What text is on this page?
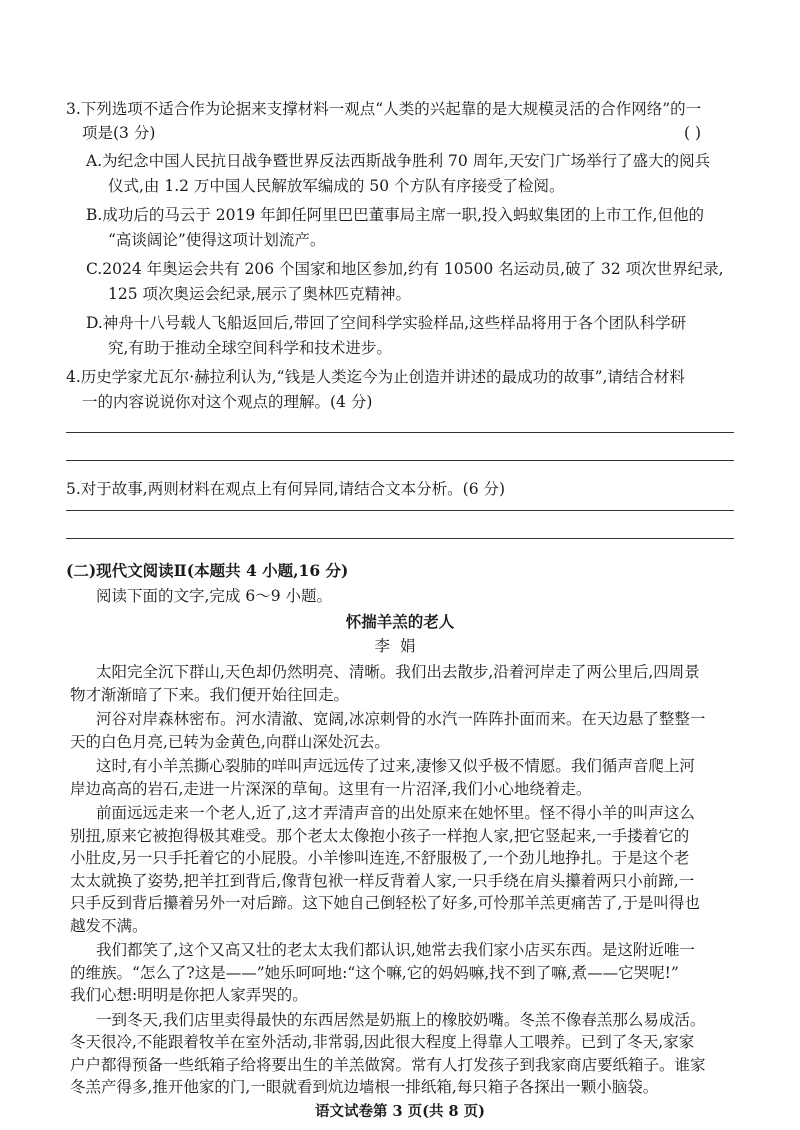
3.下列选项不适合作为论据来支撑材料一观点“人类的兴起靠的是大规模灵活的合作网络”的一
项是(3 分)	( )
A.为纪念中国人民抗日战争暨世界反法西斯战争胜利 70 周年,天安门广场举行了盛大的阅兵
仪式,由 1.2 万中国人民解放军编成的 50 个方队有序接受了检阅。
B.成功后的马云于 2019 年卸任阿里巴巴董事局主席一职,投入蚂蚁集团的上市工作,但他的
“高谈阔论”使得这项计划流产。
C.2024 年奥运会共有 206 个国家和地区参加,约有 10500 名运动员,破了 32 项次世界纪录,
125 项次奥运会纪录,展示了奥林匹克精神。
D.神舟十八号载人飞船返回后,带回了空间科学实验样品,这些样品将用于各个团队科学研
究,有助于推动全球空间科学和技术进步。
4.历史学家尤瓦尔·赫拉利认为,“钱是人类迄今为止创造并讲述的最成功的故事”,请结合材料
一的内容说说你对这个观点的理解。(4 分)
5.对于故事,两则材料在观点上有何异同,请结合文本分析。(6 分)
(二)现代文阅读Ⅱ(本题共 4 小题,16 分)
阅读下面的文字,完成 6～9 小题。
怀揣羊羔的老人
李娟
太阳完全沉下群山,天色却仍然明亮、清晰。我们出去散步,沿着河岸走了两公里后,四周景
物才渐渐暗了下来。我们便开始往回走。
河谷对岸森林密布。河水清澈、宽阔,冰凉刺骨的水汽一阵阵扑面而来。在天边悬了整整一
天的白色月亮,已转为金黄色,向群山深处沉去。
这时,有小羊羔撕心裂肺的咩叫声远远传了过来,凄惨又似乎极不情愿。我们循声音爬上河
岸边高高的岩石,走进一片深深的草甸。这里有一片沼泽,我们小心地绕着走。
前面远远走来一个老人,近了,这才弄清声音的出处原来在她怀里。怪不得小羊的叫声这么
别扭,原来它被抱得极其难受。那个老太太像抱小孩子一样抱人家,把它竖起来,一手搂着它的
小肚皮,另一只手托着它的小屁股。小羊惨叫连连,不舒服极了,一个劲儿地挣扎。于是这个老
太太就换了姿势,把羊扛到背后,像背包袱一样反背着人家,一只手绕在肩头攥着两只小前蹄,一
只手反到背后攥着另外一对后蹄。这下她自己倒轻松了好多,可怜那羊羔更痛苦了,于是叫得也
越发不满。
我们都笑了,这个又高又壮的老太太我们都认识,她常去我们家小店买东西。是这附近唯一
的维族。“怎么了?这是——”她乐呵呵地:“这个嘛,它的妈妈嘛,找不到了嘛,煮——它哭呢!”
我们心想:明明是你把人家弄哭的。
一到冬天,我们店里卖得最快的东西居然是奶瓶上的橡胶奶嘴。冬羔不像春羔那么易成活。
冬天很冷,不能跟着牧羊在室外活动,非常弱,因此很大程度上得靠人工喂养。已到了冬天,家家
户户都得预备一些纸箱子给将要出生的羊羔做窝。常有人打发孩子到我家商店要纸箱子。谁家
语文试卷第 3 页(共 8 页)
冬羔产得多,推开他家的门,一眼就看到炕边墙根一排纸箱,每只箱子各探出一颗小脑袋。
